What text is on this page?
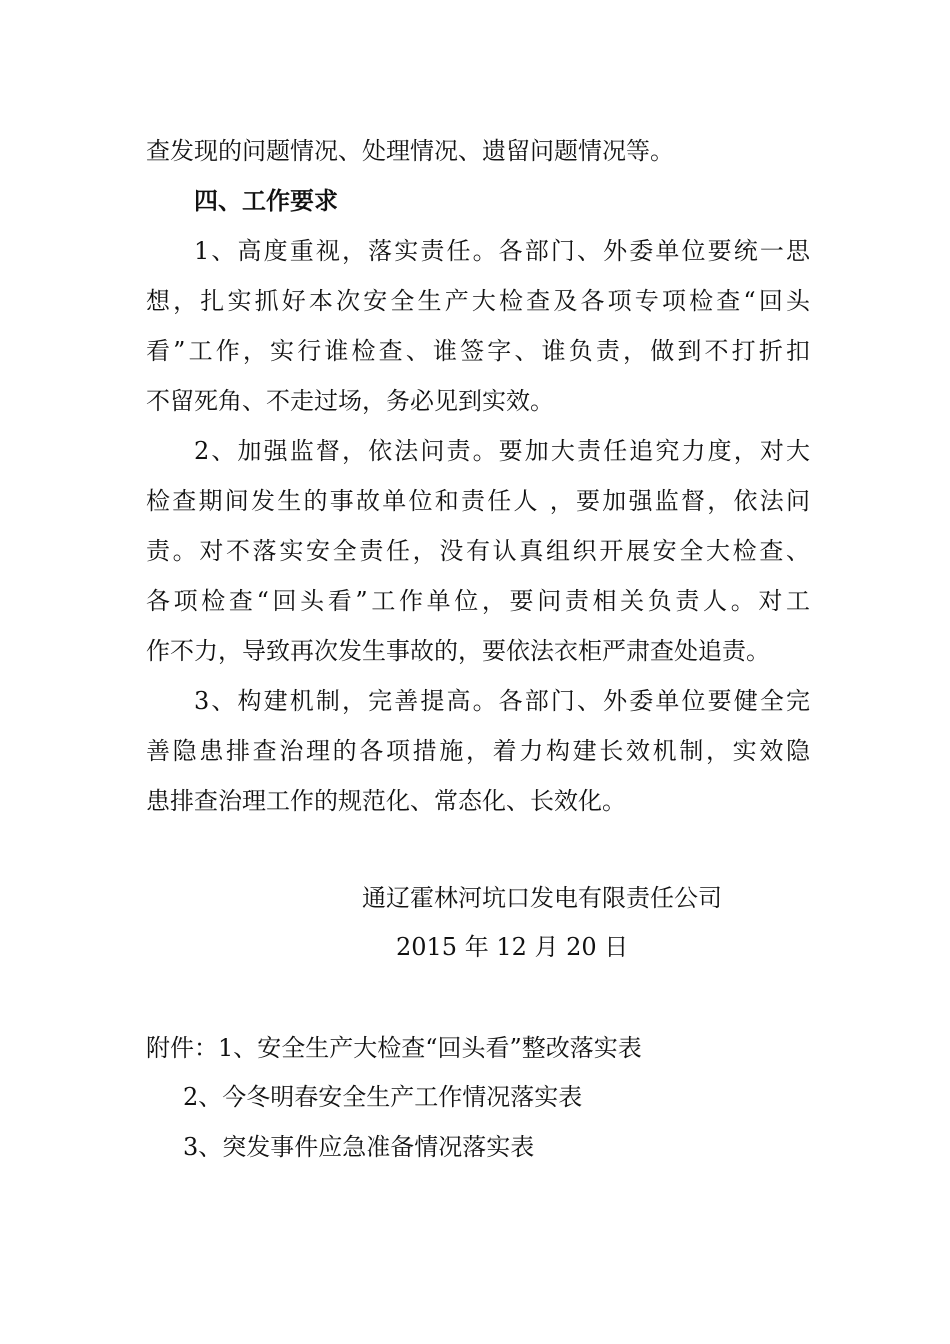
查发现的问题情况、处理情况、遗留问题情况等。
四、工作要求
1、高度重视，落实责任。各部门、外委单位要统一思
想，扎实抓好本次安全生产大检查及各项专项检查“回头
看”工作，实行谁检查、谁签字、谁负责，做到不打折扣
不留死角、不走过场，务必见到实效。
2、加强监督，依法问责。要加大责任追究力度，对大
检查期间发生的事故单位和责任人 ，要加强监督，依法问
责。对不落实安全责任，没有认真组织开展安全大检查、
各项检查“回头看”工作单位，要问责相关负责人。对工
作不力，导致再次发生事故的，要依法衣柜严肃查处追责。
3、构建机制，完善提高。各部门、外委单位要健全完
善隐患排查治理的各项措施，着力构建长效机制，实效隐
患排查治理工作的规范化、常态化、长效化。
通辽霍林河坑口发电有限责任公司
2015 年 12 月 20 日
附件：1、安全生产大检查“回头看”整改落实表
2、今冬明春安全生产工作情况落实表
3、突发事件应急准备情况落实表
